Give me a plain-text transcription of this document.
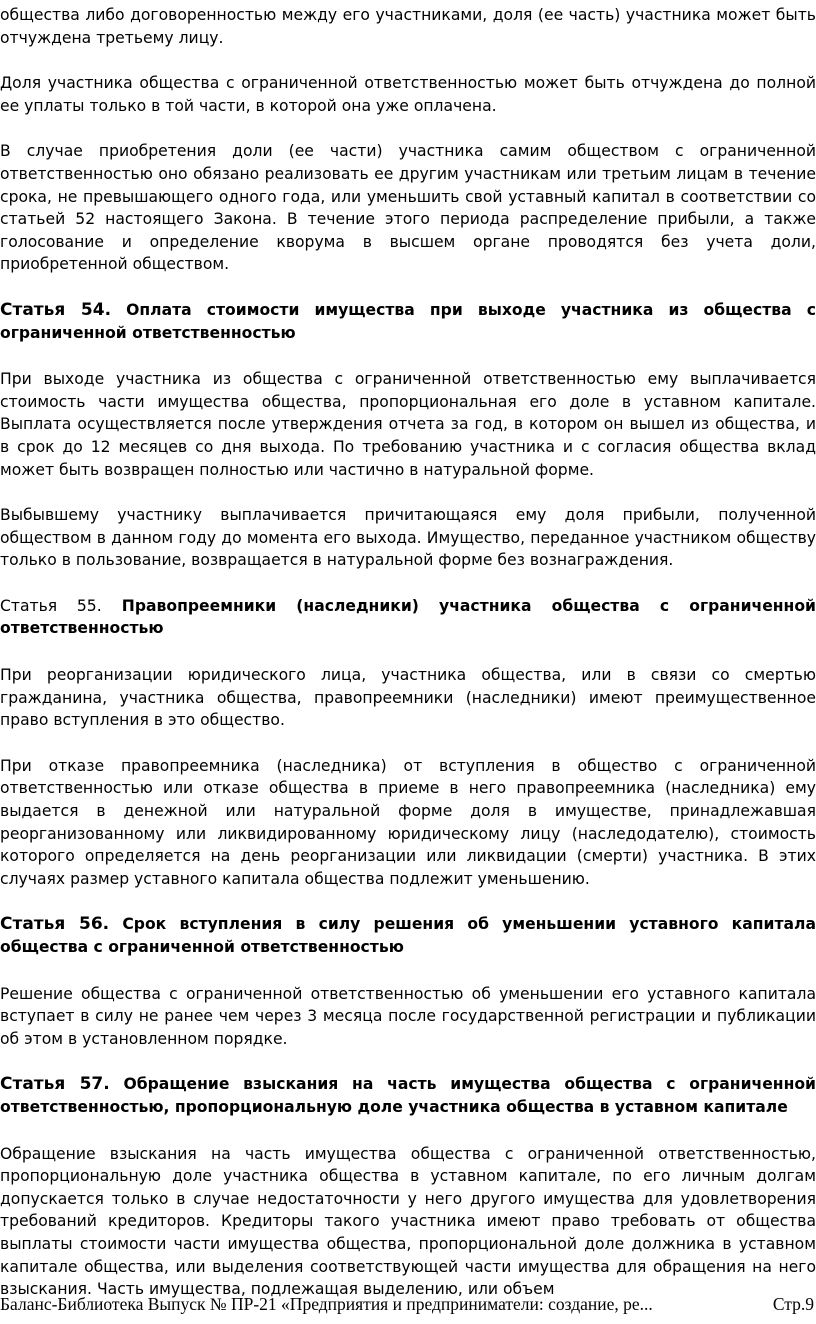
общества либо договоренностью между его участниками, доля (ее часть) участника может быть отчуждена третьему лицу.

Доля участника общества с ограниченной ответственностью может быть отчуждена до полной ее уплаты только в той части, в которой она уже оплачена.

В случае приобретения доли (ее части) участника самим обществом с ограниченной ответственностью оно обязано реализовать ее другим участникам или третьим лицам в течение срока, не превышающего одного года, или уменьшить свой уставный капитал в соответствии со статьей 52 настоящего Закона. В течение этого периода распределение прибыли, а также голосование и определение кворума в высшем органе проводятся без учета доли, приобретенной обществом.

Статья 54. Оплата стоимости имущества при выходе участника из общества с ограниченной ответственностью

При выходе участника из общества с ограниченной ответственностью ему выплачивается стоимость части имущества общества, пропорциональная его доле в уставном капитале. Выплата осуществляется после утверждения отчета за год, в котором он вышел из общества, и в срок до 12 месяцев со дня выхода. По требованию участника и с согласия общества вклад может быть возвращен полностью или частично в натуральной форме.

Выбывшему участнику выплачивается причитающаяся ему доля прибыли, полученной обществом в данном году до момента его выхода. Имущество, переданное участником обществу только в пользование, возвращается в натуральной форме без вознаграждения.

Статья 55. Правопреемники (наследники) участника общества с ограниченной ответственностью

При реорганизации юридического лица, участника общества, или в связи со смертью гражданина, участника общества, правопреемники (наследники) имеют преимущественное право вступления в это общество.

При отказе правопреемника (наследника) от вступления в общество с ограниченной ответственностью или отказе общества в приеме в него правопреемника (наследника) ему выдается в денежной или натуральной форме доля в имуществе, принадлежавшая реорганизованному или ликвидированному юридическому лицу (наследодателю), стоимость которого определяется на день реорганизации или ликвидации (смерти) участника. В этих случаях размер уставного капитала общества подлежит уменьшению.

Статья 56. Срок вступления в силу решения об уменьшении уставного капитала общества с ограниченной ответственностью

Решение общества с ограниченной ответственностью об уменьшении его уставного капитала вступает в силу не ранее чем через 3 месяца после государственной регистрации и публикации об этом в установленном порядке.

Статья 57. Обращение взыскания на часть имущества общества с ограниченной ответственностью, пропорциональную доле участника общества в уставном капитале

Обращение взыскания на часть имущества общества с ограниченной ответственностью, пропорциональную доле участника общества в уставном капитале, по его личным долгам допускается только в случае недостаточности у него другого имущества для удовлетворения требований кредиторов. Кредиторы такого участника имеют право требовать от общества выплаты стоимости части имущества общества, пропорциональной доле должника в уставном капитале общества, или выделения соответствующей части имущества для обращения на него взыскания. Часть имущества, подлежащая выделению, или объем

Баланс-Библиотека Выпуск № ПР-21 «Предприятия и предприниматели: создание, ре...	Стр.9
